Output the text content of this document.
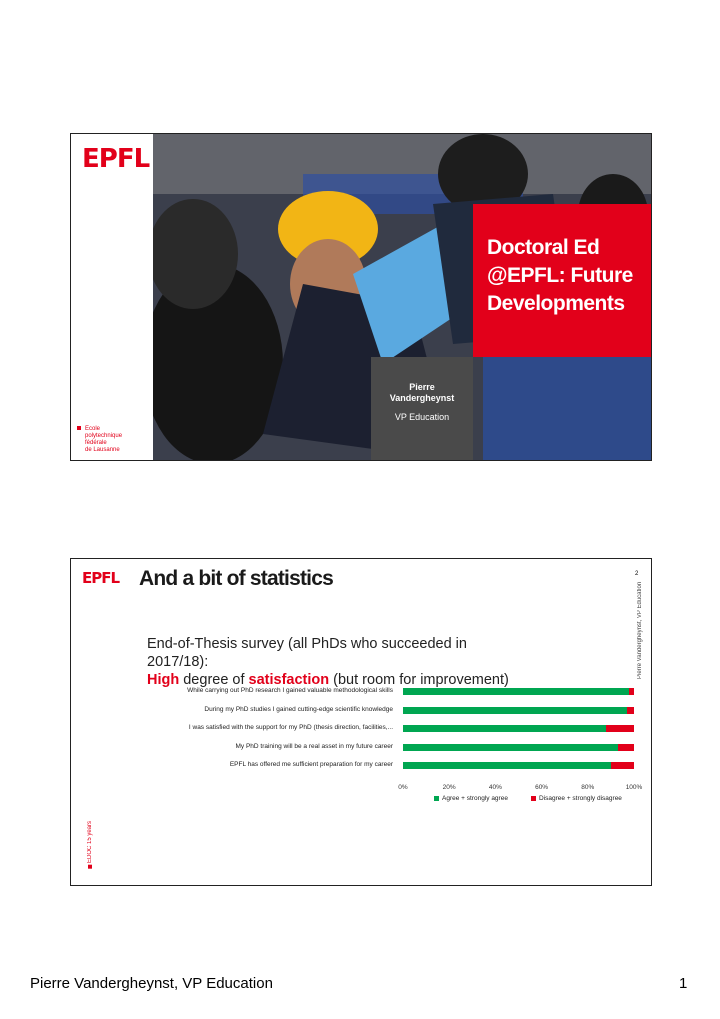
EPFL
Ecole
polytechnique
fédérale
de Lausanne
Doctoral Ed
@EPFL: Future
Developments
Pierre
Vandergheynst
VP Education
EPFL And a bit of statistics	2
Pierre Vandergheynst, VP Education
EDOC 15 years
End-of-Thesis survey (all PhDs who succeeded in
2017/18):
High degree of satisfaction (but room for improvement)
While carrying out PhD research I gained valuable methodological skills
During my PhD studies I gained cutting-edge scientific knowledge
I was satisfied with the support for my PhD (thesis direction, facilities,...
My PhD training will be a real asset in my future career
EPFL has offered me sufficient preparation for my career
0%	20%	40%	60%	80%	100%
Agree + strongly agree	Disagree + strongly disagree
Pierre Vandergheynst, VP Education	1
